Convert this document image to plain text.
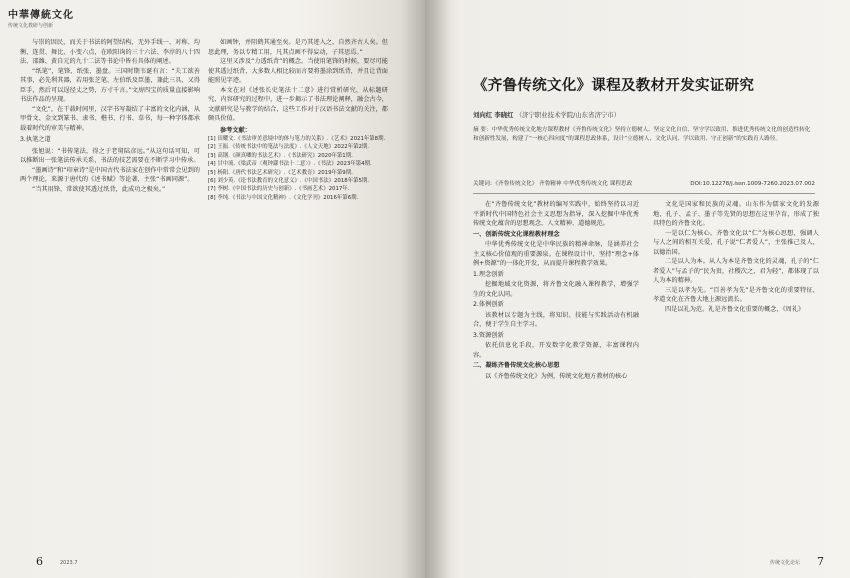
中華傳統文化
传统文化教研与创新

与崇的因民，而关于书法的阿望结构，无外手线一、对称、均衡、连贯、舞比、小变六点，在欧阳询的三十六法、李淳的八十四法、邵潍、黄自元的九十二法等书论中皆有具体的阐述。

“纸笔”，笔锋、纸张、墨盘。三国时期韦诞有言：“夫工欲善其事，必先利其器，若用张芝笔、左伯纸及臣墨，兼此三具，又得臣手，然后可以逞径丈之势，方寸千言。”文房四宝的质量直接影响书法作品的呈现。

“文化”，在干载时间里，汉字书写凝结了丰富的文化内涵，从甲骨文、金文到篆书、隶书、楷书、行书、草书，每一种字体都承载着时代的审美与精神。

3.执笔之道

张旭说：“书传笔法，得之于老舅陆彦远。”从这句话可知，可以推断出一张笔法传承关系，书法的技艺需要在不断学习中传承。

“墨画诗”和“印章诗”是中国古代书法家在创作中常常会见到的两个理论，来源于唐代的《述书赋》等论著，主张“书画同源”。

“当其用锋，常欲使其透过纸背，此成功之极矣。”

如画钟，并阻鹤其通至矣。是乃其迹入之，自然齐古人矣。但思此理，务以专精工用，凡其点画不得妄动，子其思焉。”

这里又涉及“力透纸背”的概念。当使用笔锋的时候，要尽可能使其透过纸背，大多数人相比较而言要将墨涂到纸背，并且让背面能照见字迹。

本文在对《述张长史笔法十二意》进行赏析研究，从标题研究、内容研究的过程中，进一步揭示了书法理论阐释，融会古今，文献研究是与教学的结合，这些工作对于汉语书法文献的关注，都颇具价值。

参考文献：

[1] 田耀文.《书法审美意境中的体与笔力的关系》.《艺术》2021年第8期.
[2] 王振.《传统书法中的笔法与法度》.《人文天地》2022年第2期.
[3] 高钢.《颜真卿的书法艺术》.《书法研究》2020年第1期.
[4] 甘中流.《梁武帝〈观钟繇书法十二意〉》.《书法》2023年第4期.
[5] 杨阳.《唐代书法艺术研究》.《艺术教育》2019年第9期.
[6] 刘少英.《论书法教育的文化意义》.《中国书法》2018年第5期.
[7] 李树.《中国书法的历史与创新》.《书画艺术》2017年.
[8] 李纯.《书法与中国文化精神》.《文化学刊》2016年第6期.
6	2023.7
《齐鲁传统文化》课程及教材开发实证研究
刘向红 李晓红 （济宁职业技术学院/山东省济宁市）
摘 要：中华优秀传统文化地方课程教材《齐鲁传统文化》坚持立德树人、坚定文化自信、坚守学以致用、推进优秀传统文化的创造性转化和创新性发展，构建了“一核心四向度”的课程思政体系，设计“立德树人、文化认同、学以致用、守正创新”的实践育人路径。
关键词：《齐鲁传统文化》 齐鲁精神 中华优秀传统文化 课程思政	DOI:10.12278/j.issn.1009-7260.2023.07.002

在“齐鲁传统文化”教材的编写实践中，始终坚持以习近平新时代中国特色社会主义思想为指导，深入挖掘中华优秀传统文化蕴含的思想观念、人文精神、道德规范。

一、创新传统文化课程教材理念

中华优秀传统文化是中华民族的精神命脉，是涵养社会主义核心价值观的重要源泉。在课程设计中，坚持“理念+体例+资源”的一体化开发，从而提升课程教学效果。

1.理念创新

挖掘地域文化资源，将齐鲁文化融入课程教学，增强学生的文化认同。

2.体例创新

该教材以专题为主线，将知识、技能与实践活动有机融合，便于学生自主学习。

3.资源创新

依托信息化手段，开发数字化教学资源，丰富课程内容。

二、凝练齐鲁传统文化核心思想

以《齐鲁传统文化》为例，传统文化地方教材的核心

文化是国家和民族的灵魂。山东作为儒家文化的发源地，孔子、孟子、墨子等先贤的思想在这里孕育，形成了独具特色的齐鲁文化。

一是以仁为核心。齐鲁文化以“仁”为核心思想，强调人与人之间的相互关爱，孔子说“仁者爱人”，主张推己及人，以德治国。

二是以人为本。从人为本是齐鲁文化的灵魂，孔子的“仁者爱人”与孟子的“民为贵，社稷次之，君为轻”，都体现了以人为本的精神。

三是以孝为先。“百善孝为先”是齐鲁文化的重要特征，孝道文化在齐鲁大地上源远流长。

四是以礼为范。礼是齐鲁文化重要的概念，《周礼》

传统文化论坛 7
